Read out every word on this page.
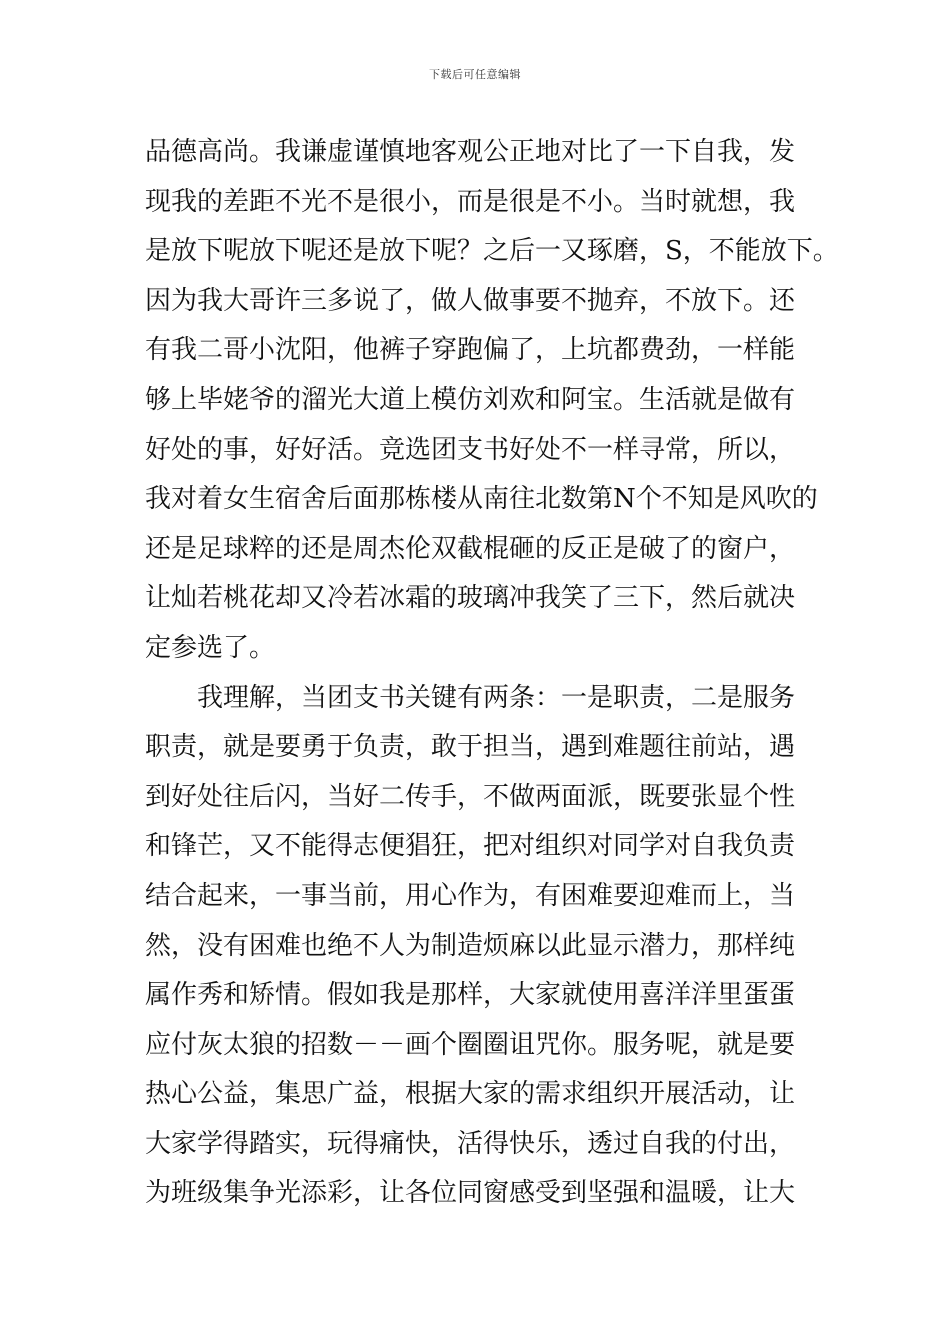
下载后可任意编辑
品德高尚。我谦虚谨慎地客观公正地对比了一下自我，发
现我的差距不光不是很小，而是很是不小。当时就想，我
是放下呢放下呢还是放下呢？之后一又琢磨，S，不能放下。
因为我大哥许三多说了，做人做事要不抛弃，不放下。还
有我二哥小沈阳，他裤子穿跑偏了，上坑都费劲，一样能
够上毕姥爷的溜光大道上模仿刘欢和阿宝。生活就是做有
好处的事，好好活。竞选团支书好处不一样寻常，所以，
我对着女生宿舍后面那栋楼从南往北数第N个不知是风吹的
还是足球粹的还是周杰伦双截棍砸的反正是破了的窗户，
让灿若桃花却又冷若冰霜的玻璃冲我笑了三下，然后就决
定参选了。
　　我理解，当团支书关键有两条：一是职责，二是服务
职责，就是要勇于负责，敢于担当，遇到难题往前站，遇
到好处往后闪，当好二传手，不做两面派，既要张显个性
和锋芒，又不能得志便猖狂，把对组织对同学对自我负责
结合起来，一事当前，用心作为，有困难要迎难而上，当
然，没有困难也绝不人为制造烦麻以此显示潜力，那样纯
属作秀和矫情。假如我是那样，大家就使用喜洋洋里蛋蛋
应付灰太狼的招数－－画个圈圈诅咒你。服务呢，就是要
热心公益，集思广益，根据大家的需求组织开展活动，让
大家学得踏实，玩得痛快，活得快乐，透过自我的付出，
为班级集争光添彩，让各位同窗感受到坚强和温暖，让大
